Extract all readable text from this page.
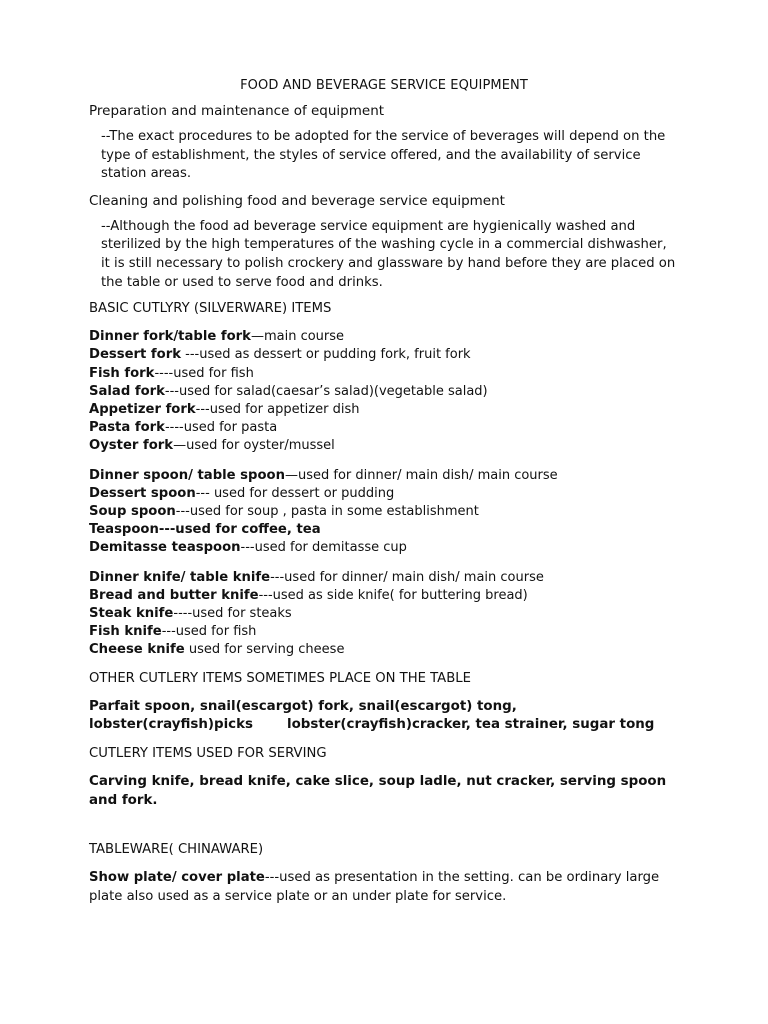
FOOD AND BEVERAGE SERVICE EQUIPMENT
Preparation and maintenance of equipment
--The exact procedures to be adopted for the service of beverages will depend on the type of establishment, the styles of service offered, and the availability of service station areas.
Cleaning and polishing food and beverage service equipment
--Although the food ad beverage service equipment are hygienically washed and sterilized by the high temperatures of the washing cycle in a commercial dishwasher, it is still necessary to polish crockery and glassware by hand before they are placed on the table or used to serve food and drinks.
BASIC CUTLYRY (SILVERWARE) ITEMS
Dinner fork/table fork—main course
Dessert fork ---used as dessert or pudding fork, fruit fork
Fish fork----used for fish
Salad fork---used for salad(caesar’s salad)(vegetable salad)
Appetizer fork---used for appetizer dish
Pasta fork----used for pasta
Oyster fork—used for oyster/mussel
Dinner spoon/ table spoon—used for dinner/ main dish/ main course
Dessert spoon--- used for dessert or pudding
Soup spoon---used for soup , pasta in some establishment
Teaspoon---used for coffee, tea
Demitasse teaspoon---used for demitasse cup
Dinner knife/ table knife---used for dinner/ main dish/ main course
Bread and butter knife---used as side knife( for buttering bread)
Steak knife----used for steaks
Fish knife---used for fish
Cheese knife used for serving cheese
OTHER CUTLERY ITEMS SOMETIMES PLACE ON THE TABLE
Parfait spoon, snail(escargot) fork, snail(escargot) tong,
lobster(crayfish)picks	lobster(crayfish)cracker, tea strainer, sugar tong
CUTLERY ITEMS USED FOR SERVING
Carving knife, bread knife, cake slice, soup ladle, nut cracker, serving spoon and fork.
TABLEWARE( CHINAWARE)
Show plate/ cover plate---used as presentation in the setting. can be ordinary large plate also used as a service plate or an under plate for service.
